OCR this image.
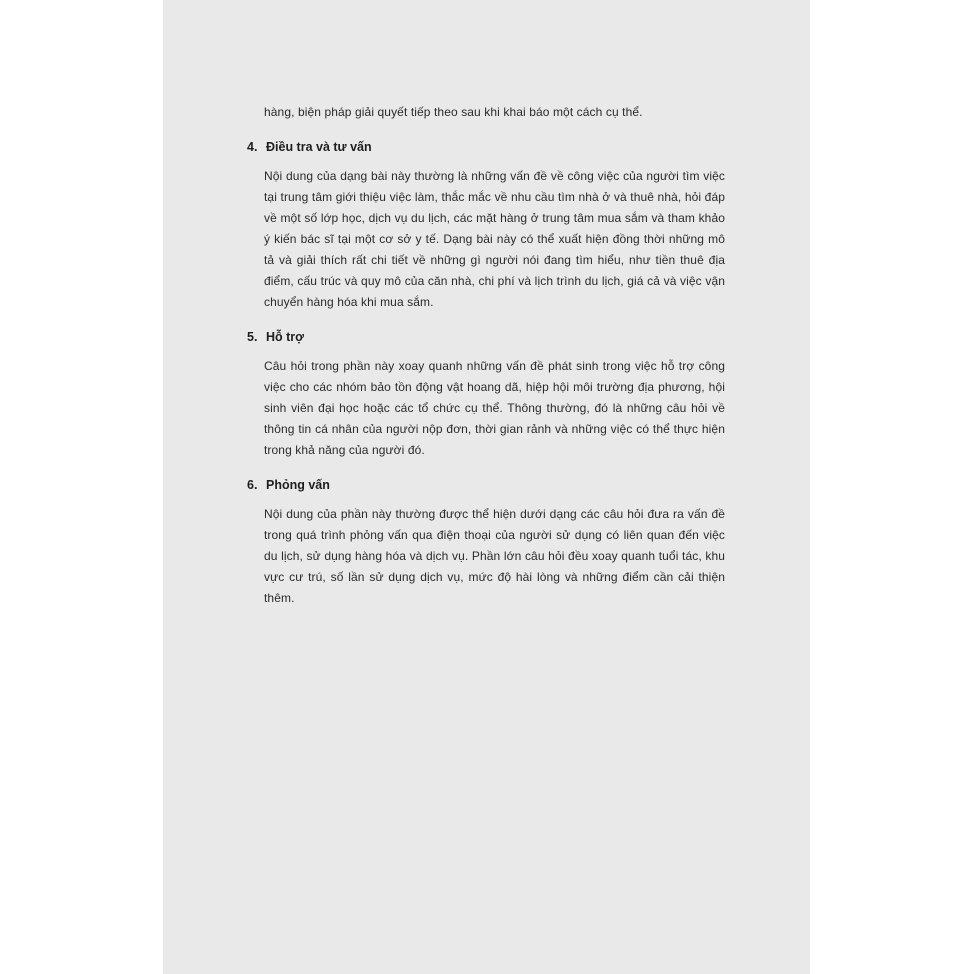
hàng, biện pháp giải quyết tiếp theo sau khi khai báo một cách cụ thể.

4. Điều tra và tư vấn

Nội dung của dạng bài này thường là những vấn đề về công việc của người tìm việc tại trung tâm giới thiệu việc làm, thắc mắc về nhu cầu tìm nhà ở và thuê nhà, hỏi đáp về một số lớp học, dịch vụ du lịch, các mặt hàng ở trung tâm mua sắm và tham khảo ý kiến bác sĩ tại một cơ sở y tế. Dạng bài này có thể xuất hiện đồng thời những mô tả và giải thích rất chi tiết về những gì người nói đang tìm hiểu, như tiền thuê địa điểm, cấu trúc và quy mô của căn nhà, chi phí và lịch trình du lịch, giá cả và việc vận chuyển hàng hóa khi mua sắm.

5. Hỗ trợ

Câu hỏi trong phần này xoay quanh những vấn đề phát sinh trong việc hỗ trợ công việc cho các nhóm bảo tồn động vật hoang dã, hiệp hội môi trường địa phương, hội sinh viên đại học hoặc các tổ chức cụ thể. Thông thường, đó là những câu hỏi về thông tin cá nhân của người nộp đơn, thời gian rảnh và những việc có thể thực hiện trong khả năng của người đó.

6. Phỏng vấn

Nội dung của phần này thường được thể hiện dưới dạng các câu hỏi đưa ra vấn đề trong quá trình phỏng vấn qua điện thoại của người sử dụng có liên quan đến việc du lịch, sử dụng hàng hóa và dịch vụ. Phần lớn câu hỏi đều xoay quanh tuổi tác, khu vực cư trú, số lần sử dụng dịch vụ, mức độ hài lòng và những điểm cần cải thiện thêm.
